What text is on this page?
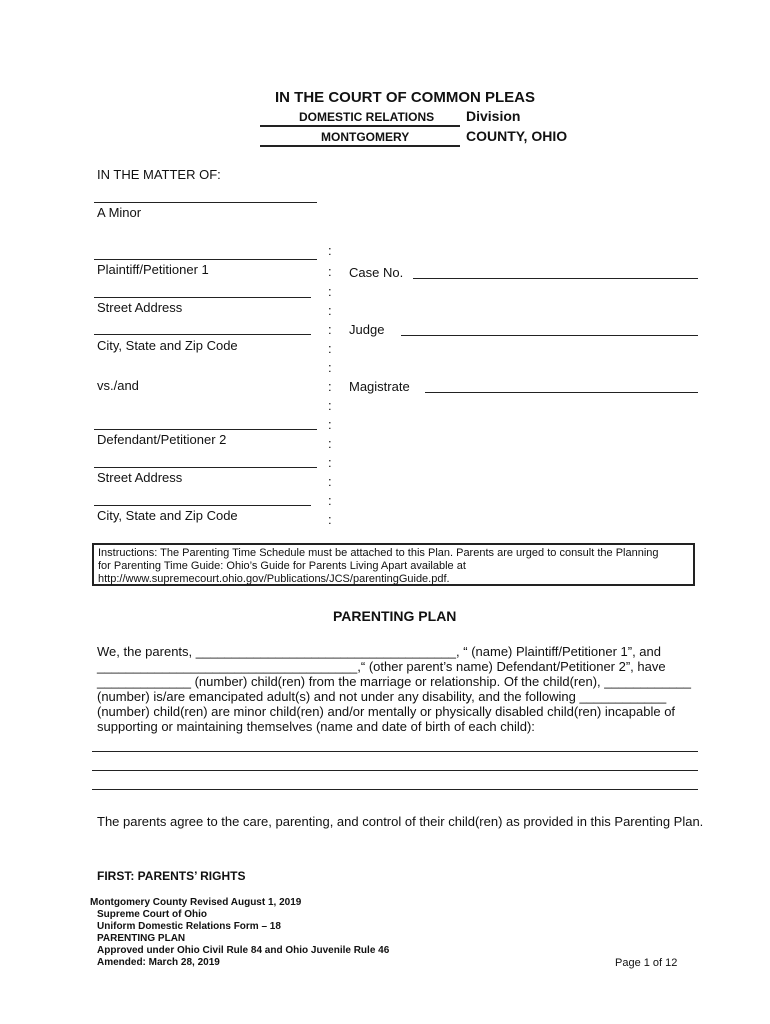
IN THE COURT OF COMMON PLEAS
DOMESTIC RELATIONS Division
MONTGOMERY	COUNTY, OHIO
IN THE MATTER OF:
A Minor
Plaintiff/Petitioner 1
Street Address
City, State and Zip Code
vs./and
Defendant/Petitioner 2
Street Address
City, State and Zip Code
:
:
:
:
:
:
:
:
:
:
:
:
:
:
:
Case No.
Judge
Magistrate
Instructions: The Parenting Time Schedule must be attached to this Plan. Parents are urged to consult the Planning
for Parenting Time Guide: Ohio’s Guide for Parents Living Apart available at
http://www.supremecourt.ohio.gov/Publications/JCS/parentingGuide.pdf.
PARENTING PLAN
We, the parents, ____________________________________, “ (name) Plaintiff/Petitioner 1”, and
____________________________________,“ (other parent’s name) Defendant/Petitioner 2”, have
_____________ (number) child(ren) from the marriage or relationship. Of the child(ren), ____________
(number) is/are emancipated adult(s) and not under any disability, and the following ____________
(number) child(ren) are minor child(ren) and/or mentally or physically disabled child(ren) incapable of
supporting or maintaining themselves (name and date of birth of each child):
The parents agree to the care, parenting, and control of their child(ren) as provided in this Parenting Plan.
FIRST: PARENTS’ RIGHTS
Montgomery County Revised August 1, 2019
Supreme Court of Ohio
Uniform Domestic Relations Form – 18
PARENTING PLAN
Approved under Ohio Civil Rule 84 and Ohio Juvenile Rule 46
Amended: March 28, 2019	Page 1 of 12
